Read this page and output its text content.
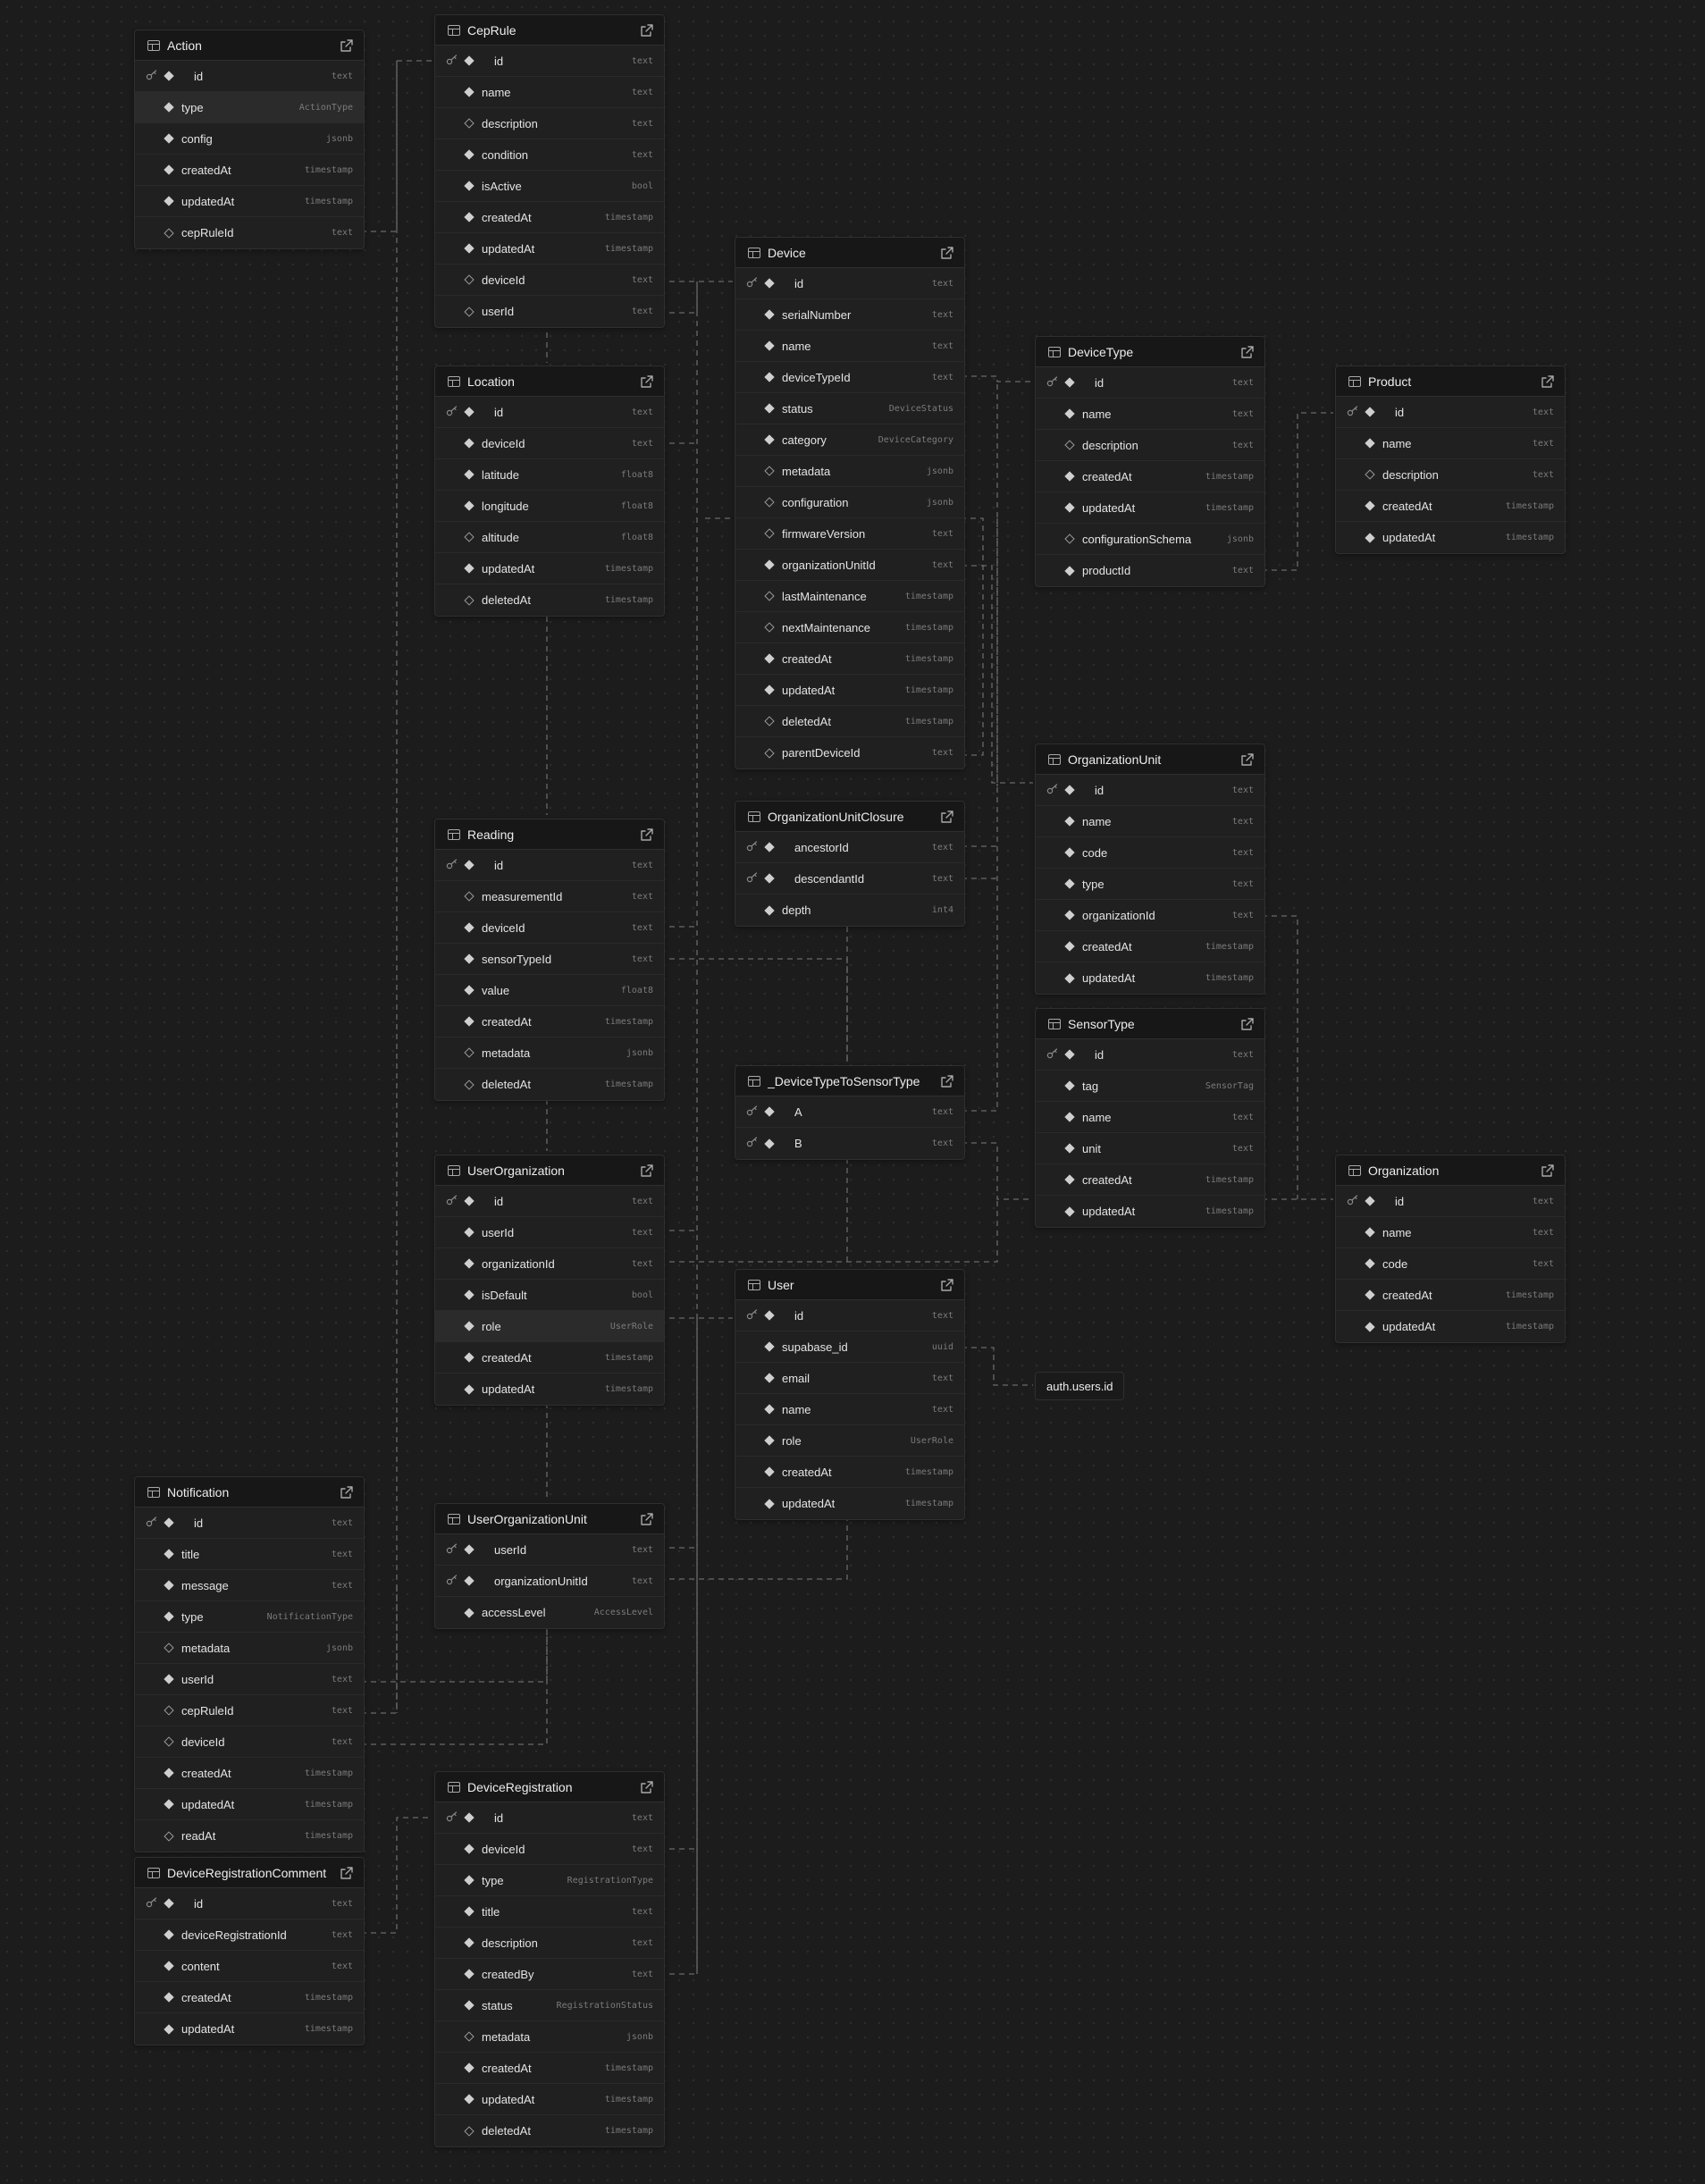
auth.users.id
Action
id	text
type	ActionType
config	jsonb
createdAt	timestamp
updatedAt	timestamp
cepRuleId	text
CepRule
id	text
name	text
description	text
condition	text
isActive	bool
createdAt	timestamp
updatedAt	timestamp
deviceId	text
userId	text
Device
id	text
serialNumber	text
name	text
deviceTypeId	text
status	DeviceStatus
category	DeviceCategory
metadata	jsonb
configuration	jsonb
firmwareVersion	text
organizationUnitId	text
lastMaintenance	timestamp
nextMaintenance	timestamp
createdAt	timestamp
updatedAt	timestamp
deletedAt	timestamp
parentDeviceId	text
DeviceType
id	text
name	text
description	text
createdAt	timestamp
updatedAt	timestamp
configurationSchema	jsonb
productId	text
Product
id	text
name	text
description	text
createdAt	timestamp
updatedAt	timestamp
Location
id	text
deviceId	text
latitude	float8
longitude	float8
altitude	float8
updatedAt	timestamp
deletedAt	timestamp
OrganizationUnit
id	text
name	text
code	text
type	text
organizationId	text
createdAt	timestamp
updatedAt	timestamp
OrganizationUnitClosure
ancestorId	text
descendantId	text
depth	int4
Reading
id	text
measurementId	text
deviceId	text
sensorTypeId	text
value	float8
createdAt	timestamp
metadata	jsonb
deletedAt	timestamp
SensorType
id	text
tag	SensorTag
name	text
unit	text
createdAt	timestamp
updatedAt	timestamp
_DeviceTypeToSensorType
A	text
B	text
UserOrganization
id	text
userId	text
organizationId	text
isDefault	bool
role	UserRole
createdAt	timestamp
updatedAt	timestamp
Organization
id	text
name	text
code	text
createdAt	timestamp
updatedAt	timestamp
User
id	text
supabase_id	uuid
email	text
name	text
role	UserRole
createdAt	timestamp
updatedAt	timestamp
Notification
id	text
title	text
message	text
type	NotificationType
metadata	jsonb
userId	text
cepRuleId	text
deviceId	text
createdAt	timestamp
updatedAt	timestamp
readAt	timestamp
UserOrganizationUnit
userId	text
organizationUnitId	text
accessLevel	AccessLevel
DeviceRegistrationComment
id	text
deviceRegistrationId	text
content	text
createdAt	timestamp
updatedAt	timestamp
DeviceRegistration
id	text
deviceId	text
type	RegistrationType
title	text
description	text
createdBy	text
status	RegistrationStatus
metadata	jsonb
createdAt	timestamp
updatedAt	timestamp
deletedAt	timestamp
